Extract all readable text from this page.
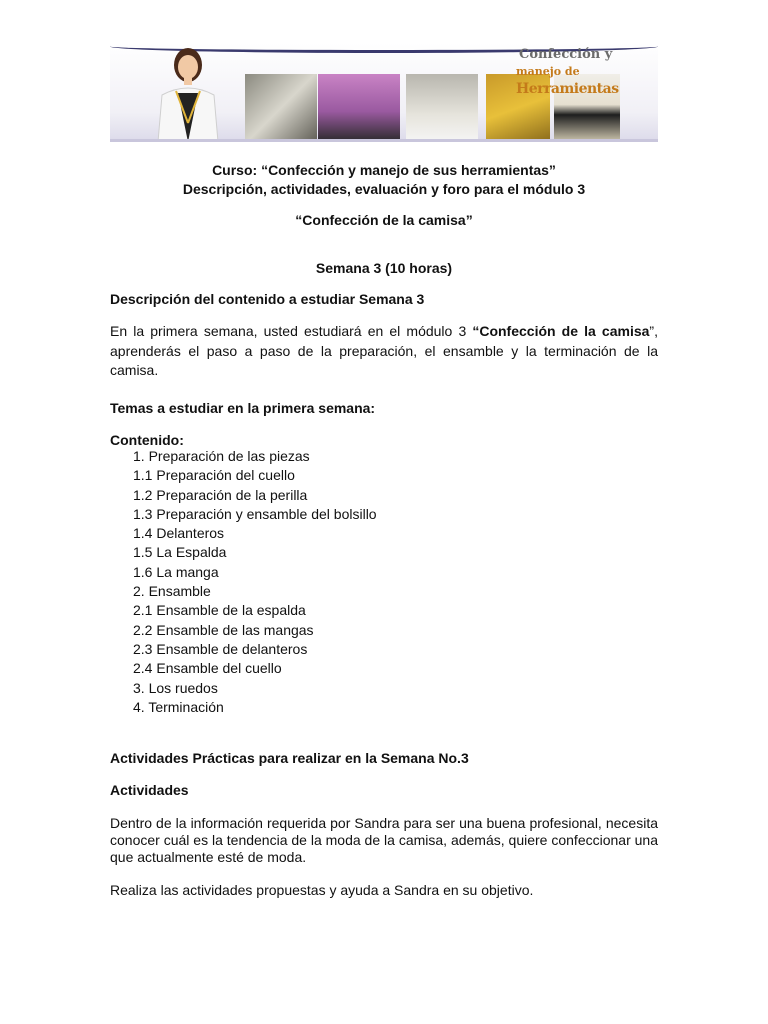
Confección y
manejo de Herramientas
Curso: “Confección y manejo de sus herramientas”
Descripción, actividades, evaluación y foro para el módulo 3
“Confección de la camisa”
Semana 3 (10 horas)
Descripción del contenido a estudiar Semana 3
En la primera semana, usted estudiará en el módulo 3 “Confección de la camisa”, aprenderás el paso a paso de la preparación, el ensamble y la terminación de la camisa.
Temas a estudiar en la primera semana:
Contenido:
1. Preparación de las piezas
1.1 Preparación del cuello
1.2 Preparación de la perilla
1.3 Preparación y ensamble del bolsillo
1.4 Delanteros
1.5 La Espalda
1.6 La manga
2. Ensamble
2.1 Ensamble de la espalda
2.2 Ensamble de las mangas
2.3 Ensamble de delanteros
2.4 Ensamble del cuello
3. Los ruedos
4. Terminación
Actividades Prácticas para realizar en la Semana No.3
Actividades
Dentro de la información requerida por Sandra para ser una buena profesional, necesita conocer cuál es la tendencia de la moda de la camisa, además, quiere confeccionar una que actualmente esté de moda.
Realiza las actividades propuestas y ayuda a Sandra en su objetivo.
